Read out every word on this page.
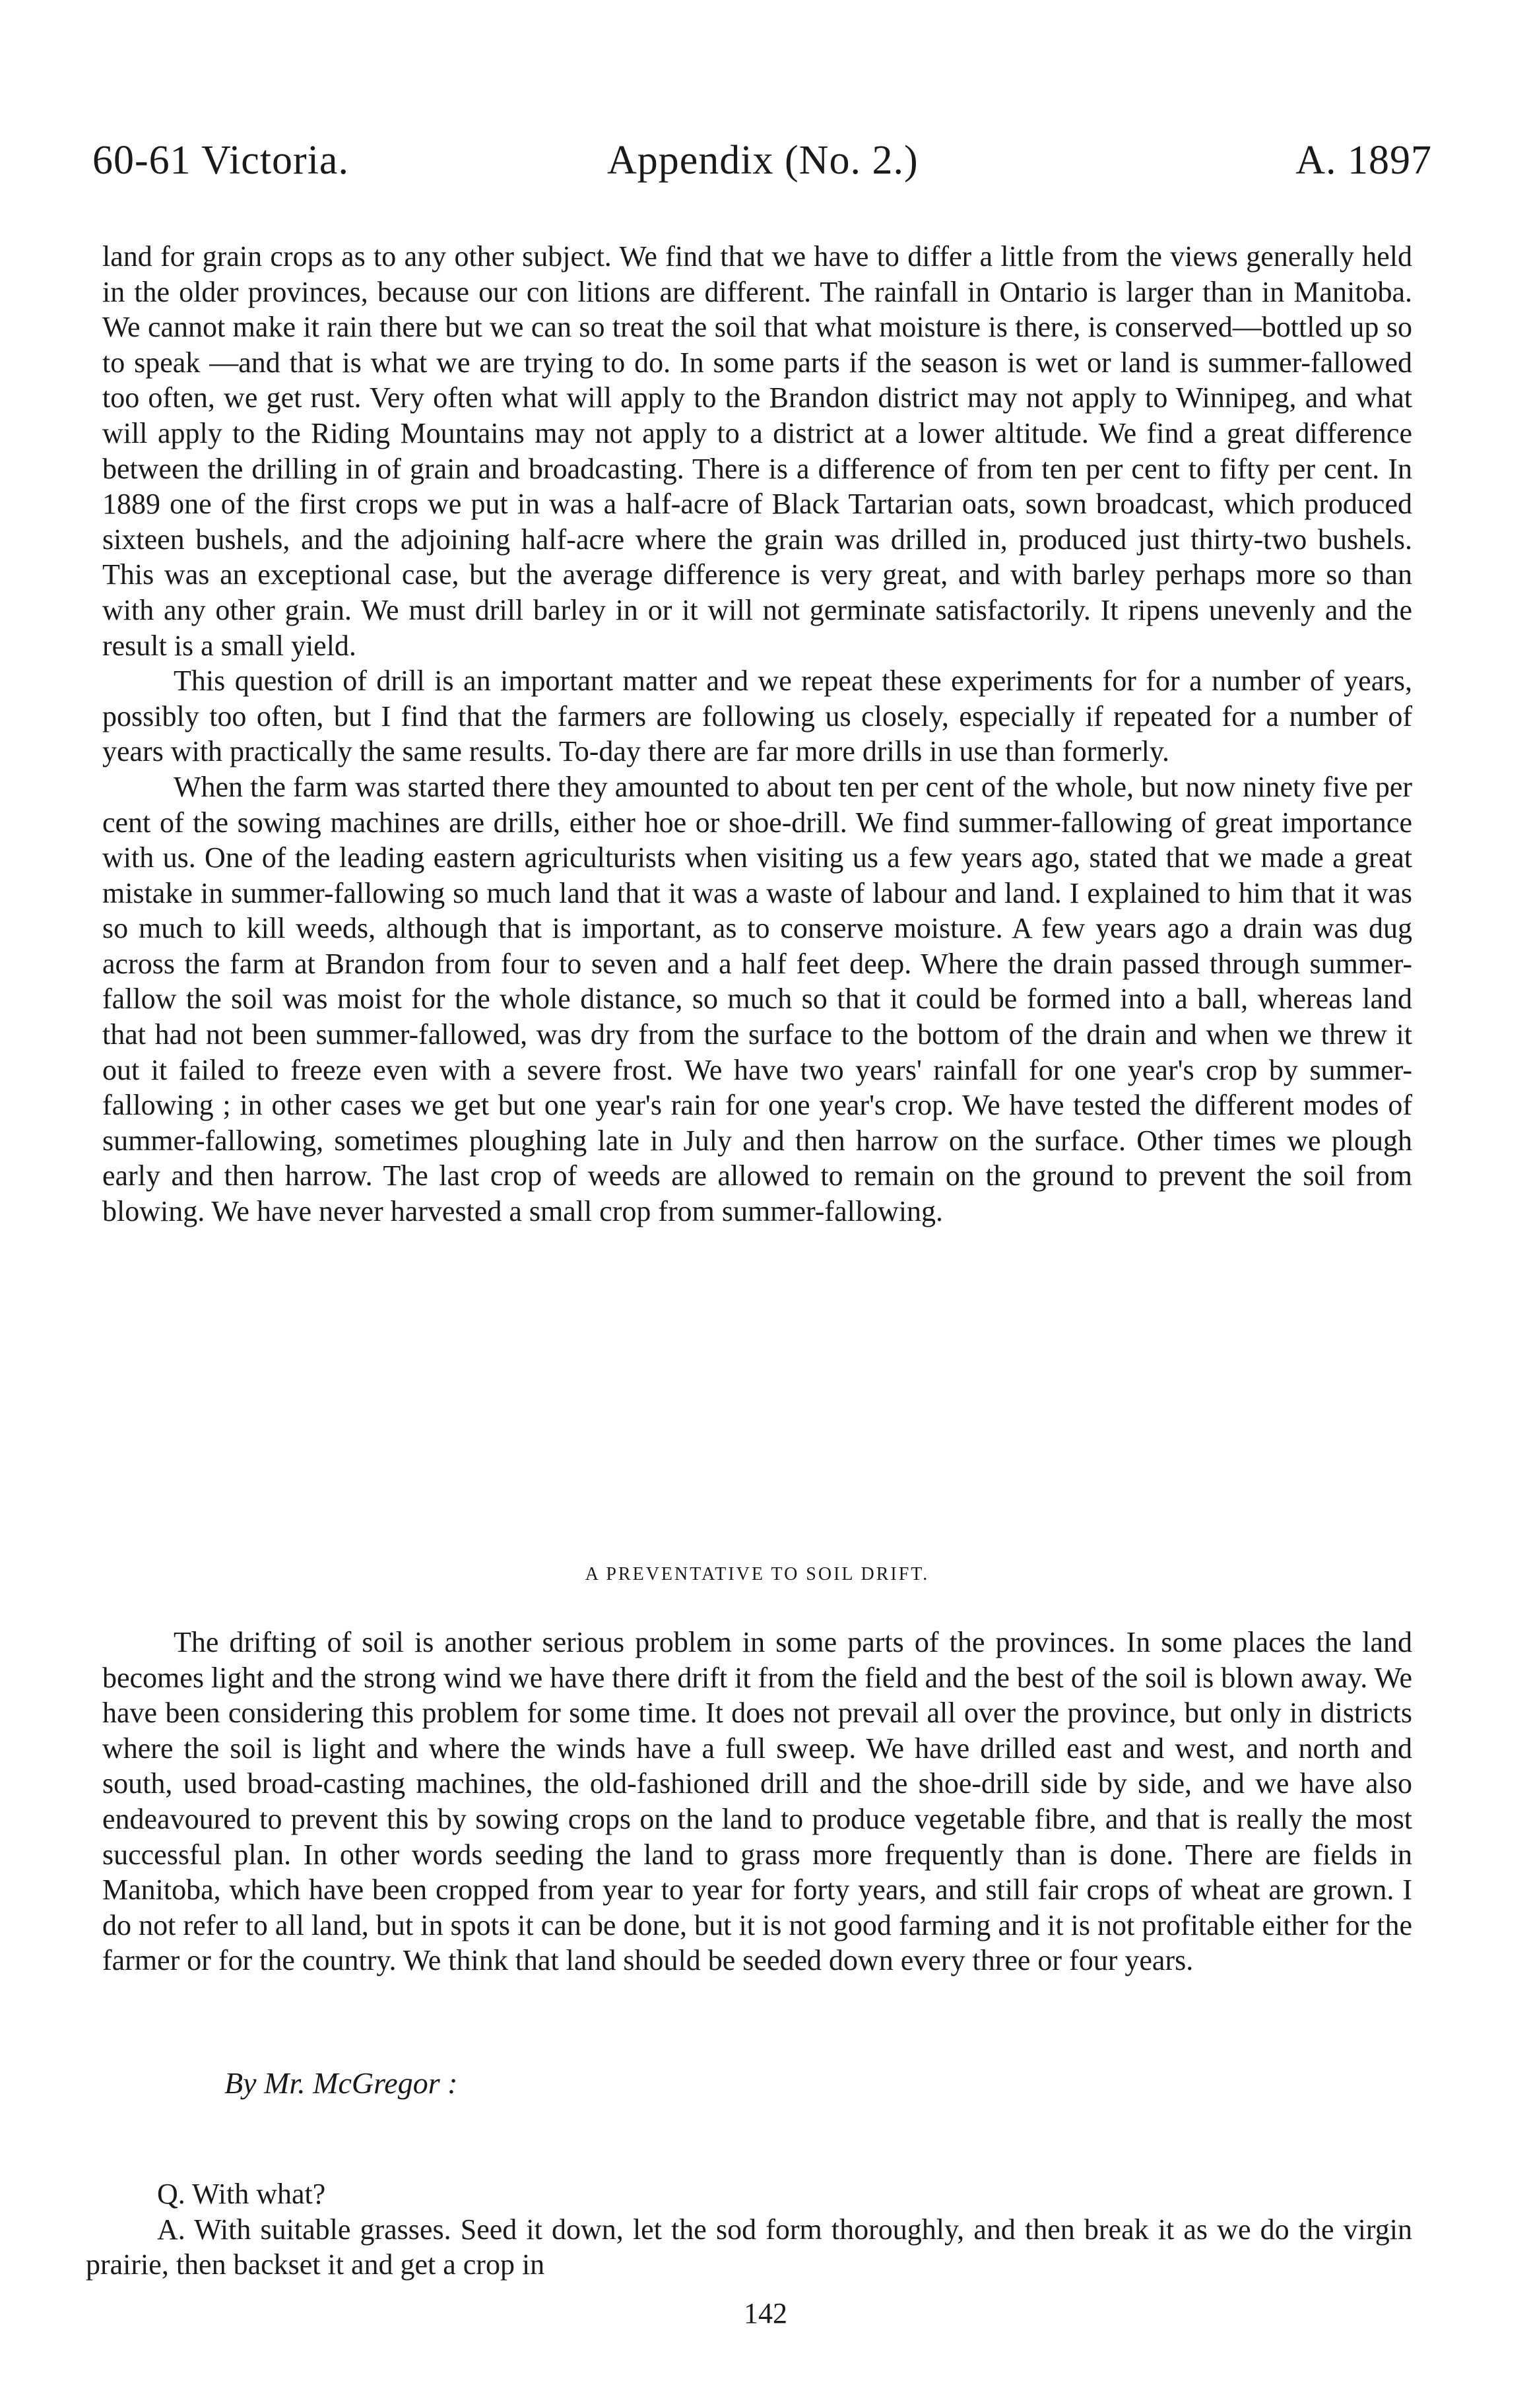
60-61 Victoria.	Appendix (No. 2.)	A. 1897

land for grain crops as to any other subject. We find that we have to differ a little from the views generally held in the older provinces, because our con litions are different. The rainfall in Ontario is larger than in Manitoba. We cannot make it rain there but we can so treat the soil that what moisture is there, is conserved—bottled up so to speak —and that is what we are trying to do. In some parts if the season is wet or land is summer-fallowed too often, we get rust. Very often what will apply to the Brandon district may not apply to Winnipeg, and what will apply to the Riding Mountains may not apply to a district at a lower altitude. We find a great difference between the drilling in of grain and broadcasting. There is a difference of from ten per cent to fifty per cent. In 1889 one of the first crops we put in was a half-acre of Black Tartarian oats, sown broadcast, which produced sixteen bushels, and the adjoining half-acre where the grain was drilled in, produced just thirty-two bushels. This was an exceptional case, but the average difference is very great, and with barley perhaps more so than with any other grain. We must drill barley in or it will not germinate satisfactorily. It ripens unevenly and the result is a small yield.

This question of drill is an important matter and we repeat these experiments for for a number of years, possibly too often, but I find that the farmers are following us closely, especially if repeated for a number of years with practically the same results. To-day there are far more drills in use than formerly.

When the farm was started there they amounted to about ten per cent of the whole, but now ninety five per cent of the sowing machines are drills, either hoe or shoe-drill. We find summer-fallowing of great importance with us. One of the leading eastern agriculturists when visiting us a few years ago, stated that we made a great mistake in summer-fallowing so much land that it was a waste of labour and land. I explained to him that it was so much to kill weeds, although that is important, as to conserve moisture. A few years ago a drain was dug across the farm at Brandon from four to seven and a half feet deep. Where the drain passed through summer-fallow the soil was moist for the whole distance, so much so that it could be formed into a ball, whereas land that had not been summer-fallowed, was dry from the surface to the bottom of the drain and when we threw it out it failed to freeze even with a severe frost. We have two years' rainfall for one year's crop by summer-fallowing ; in other cases we get but one year's rain for one year's crop. We have tested the different modes of summer-fallowing, sometimes ploughing late in July and then harrow on the surface. Other times we plough early and then harrow. The last crop of weeds are allowed to remain on the ground to prevent the soil from blowing. We have never harvested a small crop from summer-fallowing.

A PREVENTATIVE TO SOIL DRIFT.

The drifting of soil is another serious problem in some parts of the provinces. In some places the land becomes light and the strong wind we have there drift it from the field and the best of the soil is blown away. We have been considering this problem for some time. It does not prevail all over the province, but only in districts where the soil is light and where the winds have a full sweep. We have drilled east and west, and north and south, used broad-casting machines, the old-fashioned drill and the shoe-drill side by side, and we have also endeavoured to prevent this by sowing crops on the land to produce vegetable fibre, and that is really the most successful plan. In other words seeding the land to grass more frequently than is done. There are fields in Manitoba, which have been cropped from year to year for forty years, and still fair crops of wheat are grown. I do not refer to all land, but in spots it can be done, but it is not good farming and it is not profitable either for the farmer or for the country. We think that land should be seeded down every three or four years.

By Mr. McGregor :

Q. With what?

A. With suitable grasses. Seed it down, let the sod form thoroughly, and then break it as we do the virgin prairie, then backset it and get a crop in

142
